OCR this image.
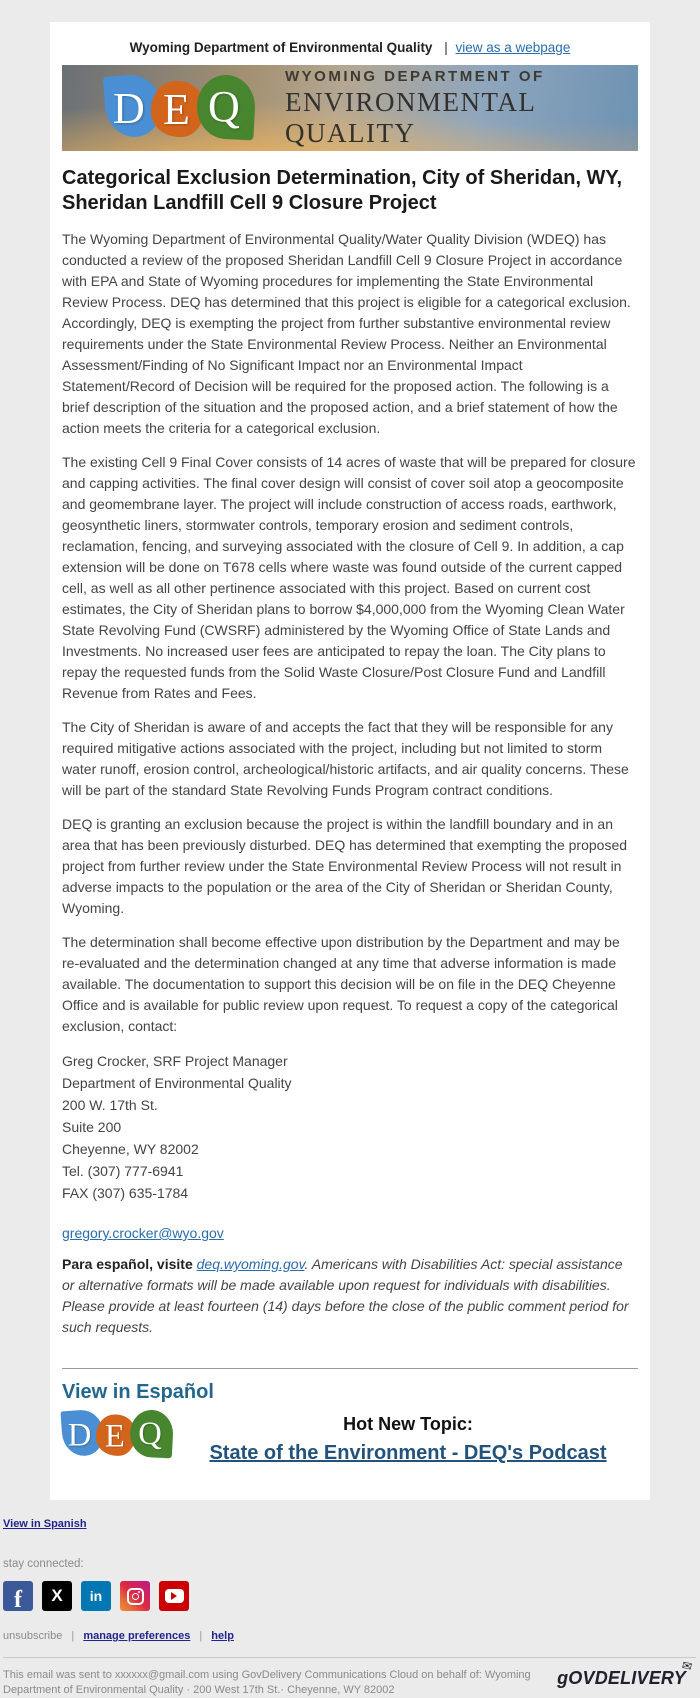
Wyoming Department of Environmental Quality | view as a webpage
D E Q
WYOMING DEPARTMENT OF
ENVIRONMENTAL QUALITY
Categorical Exclusion Determination, City of Sheridan, WY, Sheridan Landfill Cell 9 Closure Project

The Wyoming Department of Environmental Quality/Water Quality Division (WDEQ) has conducted a review of the proposed Sheridan Landfill Cell 9 Closure Project in accordance with EPA and State of Wyoming procedures for implementing the State Environmental Review Process. DEQ has determined that this project is eligible for a categorical exclusion. Accordingly, DEQ is exempting the project from further substantive environmental review requirements under the State Environmental Review Process. Neither an Environmental Assessment/Finding of No Significant Impact nor an Environmental Impact Statement/Record of Decision will be required for the proposed action. The following is a brief description of the situation and the proposed action, and a brief statement of how the action meets the criteria for a categorical exclusion.

The existing Cell 9 Final Cover consists of 14 acres of waste that will be prepared for closure and capping activities. The final cover design will consist of cover soil atop a geocomposite and geomembrane layer. The project will include construction of access roads, earthwork, geosynthetic liners, stormwater controls, temporary erosion and sediment controls, reclamation, fencing, and surveying associated with the closure of Cell 9. In addition, a cap extension will be done on T678 cells where waste was found outside of the current capped cell, as well as all other pertinence associated with this project. Based on current cost estimates, the City of Sheridan plans to borrow $4,000,000 from the Wyoming Clean Water State Revolving Fund (CWSRF) administered by the Wyoming Office of State Lands and Investments. No increased user fees are anticipated to repay the loan. The City plans to repay the requested funds from the Solid Waste Closure/Post Closure Fund and Landfill Revenue from Rates and Fees.

The City of Sheridan is aware of and accepts the fact that they will be responsible for any required mitigative actions associated with the project, including but not limited to storm water runoff, erosion control, archeological/historic artifacts, and air quality concerns. These will be part of the standard State Revolving Funds Program contract conditions.

DEQ is granting an exclusion because the project is within the landfill boundary and in an area that has been previously disturbed. DEQ has determined that exempting the proposed project from further review under the State Environmental Review Process will not result in adverse impacts to the population or the area of the City of Sheridan or Sheridan County, Wyoming.

The determination shall become effective upon distribution by the Department and may be re-evaluated and the determination changed at any time that adverse information is made available. The documentation to support this decision will be on file in the DEQ Cheyenne Office and is available for public review upon request. To request a copy of the categorical exclusion, contact:

Greg Crocker, SRF Project Manager
Department of Environmental Quality
200 W. 17th St.
Suite 200
Cheyenne, WY 82002
Tel. (307) 777-6941
FAX (307) 635-1784
gregory.crocker@wyo.gov

Para español, visite deq.wyoming.gov. Americans with Disabilities Act: special assistance or alternative formats will be made available upon request for individuals with disabilities. Please provide at least fourteen (14) days before the close of the public comment period for such requests.

View in Español
D E Q	Hot New Topic:
State of the Environment - DEQ's Podcast
View in Spanish
stay connected:
f X in
unsubscribe | manage preferences | help
This email was sent to xxxxxx@gmail.com using GovDelivery Communications Cloud on behalf of: Wyoming Department of Environmental Quality · 200 West 17th St.· Cheyenne, WY 82002
gOVDELIVERY
✉
